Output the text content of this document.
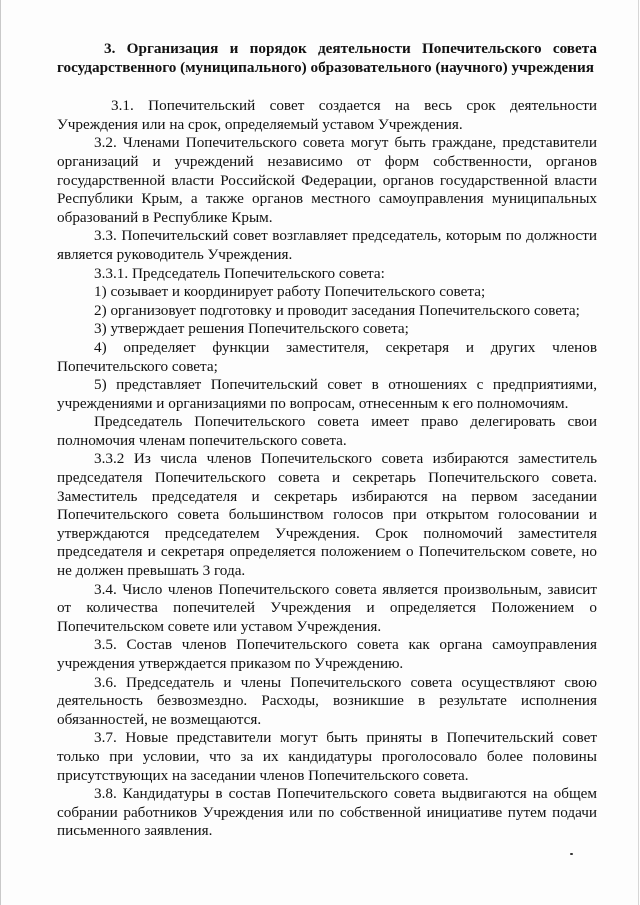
3. Организация и порядок деятельности Попечительского совета государственного (муниципального) образовательного (научного) учреждения

3.1. Попечительский совет создается на весь срок деятельности Учреждения или на срок, определяемый уставом Учреждения.

3.2. Членами Попечительского совета могут быть граждане, представители организаций и учреждений независимо от форм собственности, органов государственной власти Российской Федерации, органов государственной власти Республики Крым, а также органов местного самоуправления муниципальных образований в Республике Крым.

3.3. Попечительский совет возглавляет председатель, которым по должности является руководитель Учреждения.

3.3.1. Председатель Попечительского совета:

1) созывает и координирует работу Попечительского совета;

2) организовует подготовку и проводит заседания Попечительского совета;

3) утверждает решения Попечительского совета;

4) определяет функции заместителя, секретаря и других членов Попечительского совета;

5) представляет Попечительский совет в отношениях с предприятиями, учреждениями и организациями по вопросам, отнесенным к его полномочиям.

Председатель Попечительского совета имеет право делегировать свои полномочия членам попечительского совета.

3.3.2 Из числа членов Попечительского совета избираются заместитель председателя Попечительского совета и секретарь Попечительского совета. Заместитель председателя и секретарь избираются на первом заседании Попечительского совета большинством голосов при открытом голосовании и утверждаются председателем Учреждения. Срок полномочий заместителя председателя и секретаря определяется положением о Попечительском совете, но не должен превышать 3 года.

3.4. Число членов Попечительского совета является произвольным, зависит от количества попечителей Учреждения и определяется Положением о Попечительском совете или уставом Учреждения.

3.5. Состав членов Попечительского совета как органа самоуправления учреждения утверждается приказом по Учреждению.

3.6. Председатель и члены Попечительского совета осуществляют свою деятельность безвозмездно. Расходы, возникшие в результате исполнения обязанностей, не возмещаются.

3.7. Новые представители могут быть приняты в Попечительский совет только при условии, что за их кандидатуры проголосовало более половины присутствующих на заседании членов Попечительского совета.

3.8. Кандидатуры в состав Попечительского совета выдвигаются на общем собрании работников Учреждения или по собственной инициативе путем подачи письменного заявления.
